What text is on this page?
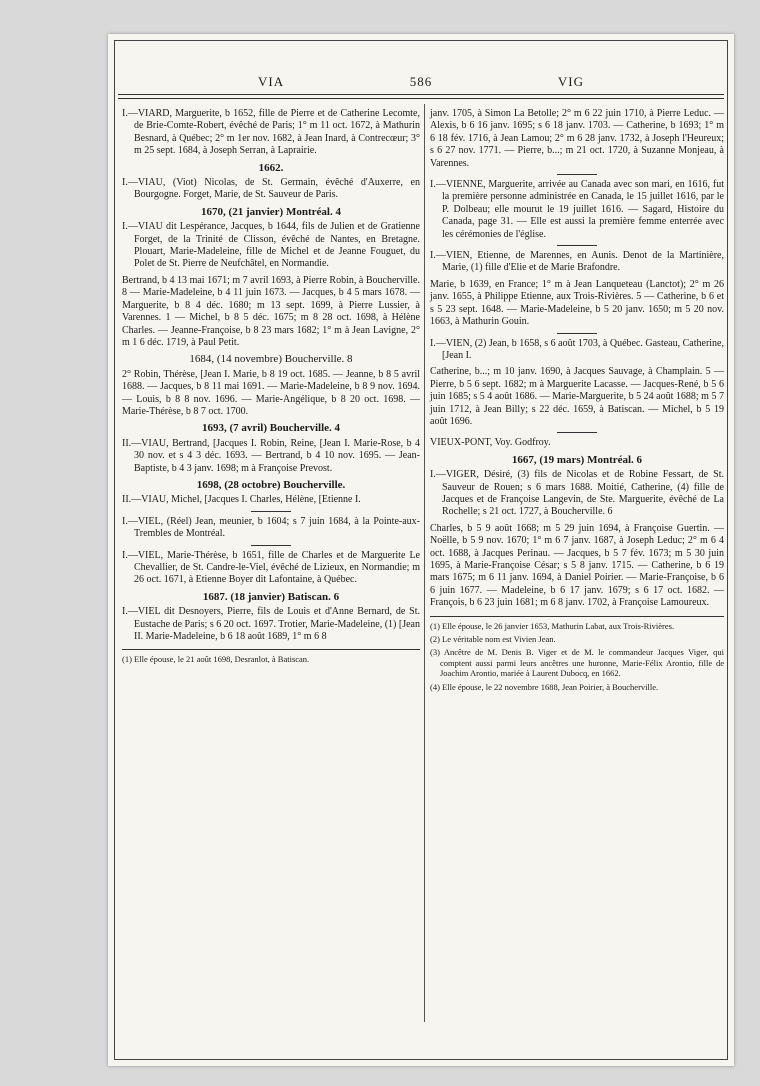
VIA	586	VIG

I.—VIARD, Marguerite, b 1652, fille de Pierre et de Catherine Lecomte, de Brie-Comte-Robert, évêché de Paris; 1° m 11 oct. 1672, à Mathurin Besnard, à Québec; 2° m 1er nov. 1682, à Jean Inard, à Contrecœur; 3° m 25 sept. 1684, à Joseph Serran, à Laprairie.

1662.

I.—VIAU, (Viot) Nicolas, de St. Germain, évêché d'Auxerre, en Bourgogne. Forget, Marie, de St. Sauveur de Paris.

1670, (21 janvier) Montréal. 4

I.—VIAU dit Lespérance, Jacques, b 1644, fils de Julien et de Gratienne Forget, de la Trinité de Clisson, évêché de Nantes, en Bretagne. Plouart, Marie-Madeleine, fille de Michel et de Jeanne Fouguet, du Polet de St. Pierre de Neufchâtel, en Normandie.

Bertrand, b 4 13 mai 1671; m 7 avril 1693, à Pierre Robin, à Boucherville. 8 — Marie-Madeleine, b 4 11 juin 1673. — Jacques, b 4 5 mars 1678. — Marguerite, b 8 4 déc. 1680; m 13 sept. 1699, à Pierre Lussier, à Varennes. 1 — Michel, b 8 5 déc. 1675; m 8 28 oct. 1698, à Hélène Charles. — Jeanne-Françoise, b 8 23 mars 1682; 1° m à Jean Lavigne, 2° m 1 6 déc. 1719, à Paul Petit.

1684, (14 novembre) Boucherville. 8

2° Robin, Thérèse, [Jean I. Marie, b 8 19 oct. 1685. — Jeanne, b 8 5 avril 1688. — Jacques, b 8 11 mai 1691. — Marie-Madeleine, b 8 9 nov. 1694. — Louis, b 8 8 nov. 1696. — Marie-Angélique, b 8 20 oct. 1698. — Marie-Thérèse, b 8 7 oct. 1700.

1693, (7 avril) Boucherville. 4

II.—VIAU, Bertrand, [Jacques I. Robin, Reine, [Jean I. Marie-Rose, b 4 30 nov. et s 4 3 déc. 1693. — Bertrand, b 4 10 nov. 1695. — Jean-Baptiste, b 4 3 janv. 1698; m à Françoise Prevost.

1698, (28 octobre) Boucherville.

II.—VIAU, Michel, [Jacques I. Charles, Hélène, [Etienne I.

I.—VIEL, (Réel) Jean, meunier, b 1604; s 7 juin 1684, à la Pointe-aux-Trembles de Montréal.

I.—VIEL, Marie-Thérèse, b 1651, fille de Charles et de Marguerite Le Chevallier, de St. Candre-le-Viel, évêché de Lizieux, en Normandie; m 26 oct. 1671, à Etienne Boyer dit Lafontaine, à Québec.

1687. (18 janvier) Batiscan. 6

I.—VIEL dit Desnoyers, Pierre, fils de Louis et d'Anne Bernard, de St. Eustache de Paris; s 6 20 oct. 1697. Trotier, Marie-Madeleine, (1) [Jean II. Marie-Madeleine, b 6 18 août 1689, 1° m 6 8

(1) Elle épouse, le 21 août 1698, Desranlot, à Batiscan.

janv. 1705, à Simon La Betolle; 2° m 6 22 juin 1710, à Pierre Leduc. — Alexis, b 6 16 janv. 1695; s 6 18 janv. 1703. — Catherine, b 1693; 1° m 6 18 fév. 1716, à Jean Lamou; 2° m 6 28 janv. 1732, à Joseph l'Heureux; s 6 27 nov. 1771. — Pierre, b...; m 21 oct. 1720, à Suzanne Monjeau, à Varennes.

I.—VIENNE, Marguerite, arrivée au Canada avec son mari, en 1616, fut la première personne administrée en Canada, le 15 juillet 1616, par le P. Dolbeau; elle mourut le 19 juillet 1616. — Sagard, Histoire du Canada, page 31. — Elle est aussi la première femme enterrée avec les cérémonies de l'église.

I.—VIEN, Etienne, de Marennes, en Aunis. Denot de la Martinière, Marie, (1) fille d'Elie et de Marie Brafondre.

Marie, b 1639, en France; 1° m à Jean Lanqueteau (Lanctot); 2° m 26 janv. 1655, à Philippe Etienne, aux Trois-Rivières. 5 — Catherine, b 6 et s 5 23 sept. 1648. — Marie-Madeleine, b 5 20 janv. 1650; m 5 20 nov. 1663, à Mathurin Gouin.

I.—VIEN, (2) Jean, b 1658, s 6 août 1703, à Québec. Gasteau, Catherine, [Jean I.

Catherine, b...; m 10 janv. 1690, à Jacques Sauvage, à Champlain. 5 — Pierre, b 5 6 sept. 1682; m à Marguerite Lacasse. — Jacques-René, b 5 6 juin 1685; s 5 4 août 1686. — Marie-Marguerite, b 5 24 août 1688; m 5 7 juin 1712, à Jean Billy; s 22 déc. 1659, à Batiscan. — Michel, b 5 19 août 1696.

VIEUX-PONT, Voy. Godfroy.

1667, (19 mars) Montréal. 6

I.—VIGER, Désiré, (3) fils de Nicolas et de Robine Fessart, de St. Sauveur de Rouen; s 6 mars 1688. Moitié, Catherine, (4) fille de Jacques et de Françoise Langevin, de Ste. Marguerite, évêché de La Rochelle; s 21 oct. 1727, à Boucherville. 6

Charles, b 5 9 août 1668; m 5 29 juin 1694, à Françoise Guertin. — Noëlle, b 5 9 nov. 1670; 1° m 6 7 janv. 1687, à Joseph Leduc; 2° m 6 4 oct. 1688, à Jacques Perinau. — Jacques, b 5 7 fév. 1673; m 5 30 juin 1695, à Marie-Françoise César; s 5 8 janv. 1715. — Catherine, b 6 19 mars 1675; m 6 11 janv. 1694, à Daniel Poirier. — Marie-Françoise, b 6 6 juin 1677. — Madeleine, b 6 17 janv. 1679; s 6 17 oct. 1682. — François, b 6 23 juin 1681; m 6 8 janv. 1702, à Françoise Lamoureux.

(1) Elle épouse, le 26 janvier 1653, Mathurin Labat, aux Trois-Rivières.

(2) Le véritable nom est Vivien Jean.

(3) Ancêtre de M. Denis B. Viger et de M. le commandeur Jacques Viger, qui comptent aussi parmi leurs ancêtres une huronne, Marie-Félix Arontio, fille de Joachim Arontio, mariée à Laurent Dubocq, en 1662.

(4) Elle épouse, le 22 novembre 1688, Jean Poirier, à Boucherville.
